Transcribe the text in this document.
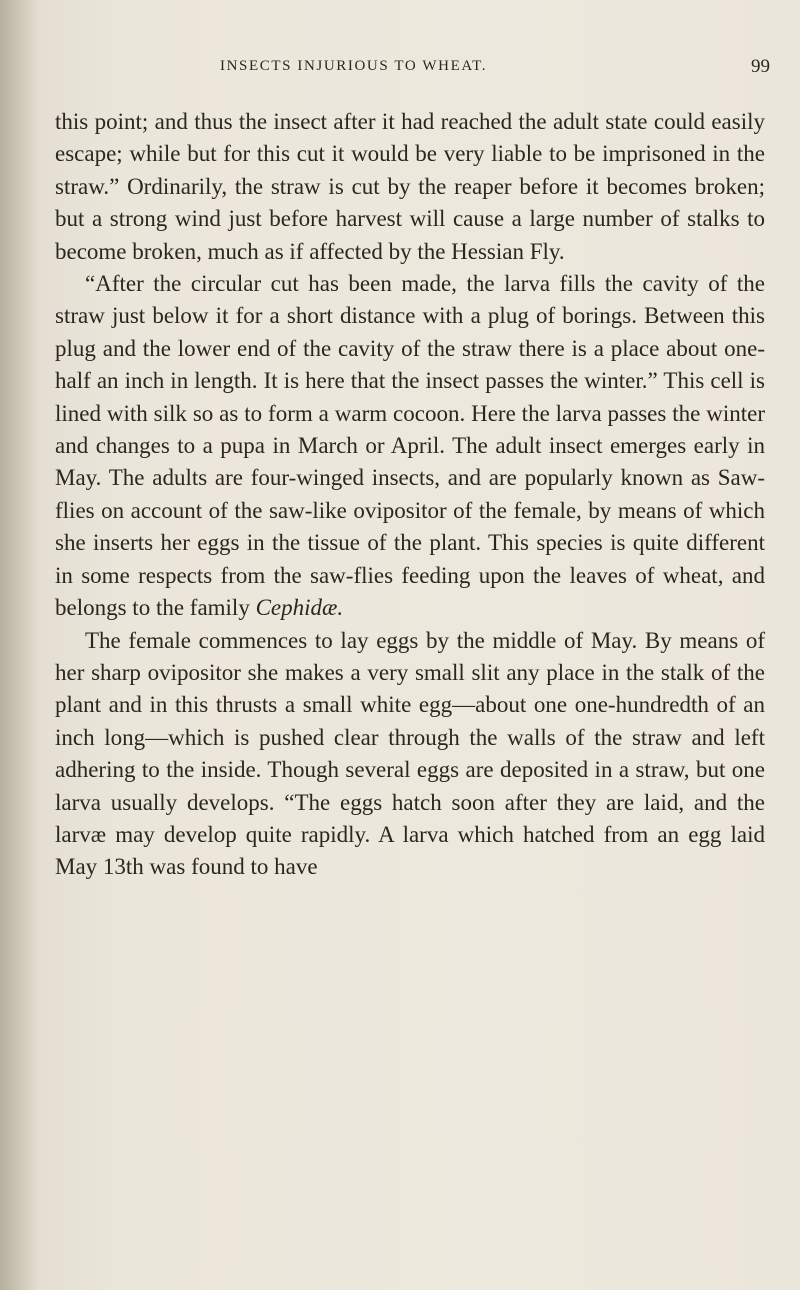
INSECTS INJURIOUS TO WHEAT.	99

this point; and thus the insect after it had reached the adult state could easily escape; while but for this cut it would be very liable to be imprisoned in the straw.” Ordinarily, the straw is cut by the reaper before it becomes broken; but a strong wind just before harvest will cause a large number of stalks to become broken, much as if affected by the Hessian Fly.

“After the circular cut has been made, the larva fills the cavity of the straw just below it for a short distance with a plug of borings. Between this plug and the lower end of the cavity of the straw there is a place about one-half an inch in length. It is here that the insect passes the winter.” This cell is lined with silk so as to form a warm cocoon. Here the larva passes the winter and changes to a pupa in March or April. The adult insect emerges early in May. The adults are four-winged insects, and are popularly known as Saw-flies on account of the saw-like ovipositor of the female, by means of which she inserts her eggs in the tissue of the plant. This species is quite different in some respects from the saw-flies feeding upon the leaves of wheat, and belongs to the family Cephidæ.

The female commences to lay eggs by the middle of May. By means of her sharp ovipositor she makes a very small slit any place in the stalk of the plant and in this thrusts a small white egg—about one one-hundredth of an inch long—which is pushed clear through the walls of the straw and left adhering to the inside. Though several eggs are deposited in a straw, but one larva usually develops. “The eggs hatch soon after they are laid, and the larvæ may develop quite rapidly. A larva which hatched from an egg laid May 13th was found to have
